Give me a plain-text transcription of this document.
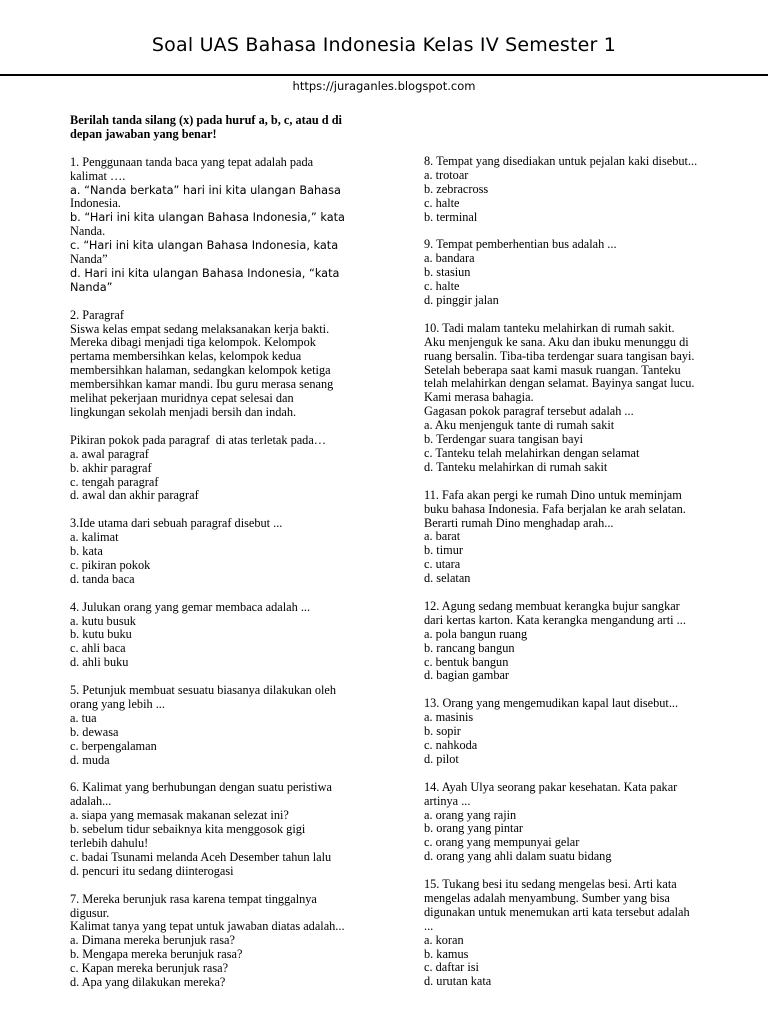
Soal UAS Bahasa Indonesia Kelas IV Semester 1
https://juraganles.blogspot.com
Berilah tanda silang (x) pada huruf a, b, c, atau d di
depan jawaban yang benar!
1. Penggunaan tanda baca yang tepat adalah pada
kalimat ….
a. “Nanda berkata” hari ini kita ulangan Bahasa
Indonesia.
b. “Hari ini kita ulangan Bahasa Indonesia,” kata
Nanda.
c. “Hari ini kita ulangan Bahasa Indonesia, kata
Nanda”
d. Hari ini kita ulangan Bahasa Indonesia, “kata
Nanda”
2. Paragraf
Siswa kelas empat sedang melaksanakan kerja bakti.
Mereka dibagi menjadi tiga kelompok. Kelompok
pertama membersihkan kelas, kelompok kedua
membersihkan halaman, sedangkan kelompok ketiga
membersihkan kamar mandi. Ibu guru merasa senang
melihat pekerjaan muridnya cepat selesai dan
lingkungan sekolah menjadi bersih dan indah.
Pikiran pokok pada paragraf  di atas terletak pada…
a. awal paragraf
b. akhir paragraf
c. tengah paragraf
d. awal dan akhir paragraf
3.Ide utama dari sebuah paragraf disebut ...
a. kalimat
b. kata
c. pikiran pokok
d. tanda baca
4. Julukan orang yang gemar membaca adalah ...
a. kutu busuk
b. kutu buku
c. ahli baca
d. ahli buku
5. Petunjuk membuat sesuatu biasanya dilakukan oleh
orang yang lebih ...
a. tua
b. dewasa
c. berpengalaman
d. muda
6. Kalimat yang berhubungan dengan suatu peristiwa
adalah...
a. siapa yang memasak makanan selezat ini?
b. sebelum tidur sebaiknya kita menggosok gigi
terlebih dahulu!
c. badai Tsunami melanda Aceh Desember tahun lalu
d. pencuri itu sedang diinterogasi
7. Mereka berunjuk rasa karena tempat tinggalnya
digusur.
Kalimat tanya yang tepat untuk jawaban diatas adalah...
a. Dimana mereka berunjuk rasa?
b. Mengapa mereka berunjuk rasa?
c. Kapan mereka berunjuk rasa?
d. Apa yang dilakukan mereka?
8. Tempat yang disediakan untuk pejalan kaki disebut...
a. trotoar
b. zebracross
c. halte
b. terminal
9. Tempat pemberhentian bus adalah ...
a. bandara
b. stasiun
c. halte
d. pinggir jalan
10. Tadi malam tanteku melahirkan di rumah sakit.
Aku menjenguk ke sana. Aku dan ibuku menunggu di
ruang bersalin. Tiba-tiba terdengar suara tangisan bayi.
Setelah beberapa saat kami masuk ruangan. Tanteku
telah melahirkan dengan selamat. Bayinya sangat lucu.
Kami merasa bahagia.
Gagasan pokok paragraf tersebut adalah ...
a. Aku menjenguk tante di rumah sakit
b. Terdengar suara tangisan bayi
c. Tanteku telah melahirkan dengan selamat
d. Tanteku melahirkan di rumah sakit
11. Fafa akan pergi ke rumah Dino untuk meminjam
buku bahasa Indonesia. Fafa berjalan ke arah selatan.
Berarti rumah Dino menghadap arah...
a. barat
b. timur
c. utara
d. selatan
12. Agung sedang membuat kerangka bujur sangkar
dari kertas karton. Kata kerangka mengandung arti ...
a. pola bangun ruang
b. rancang bangun
c. bentuk bangun
d. bagian gambar
13. Orang yang mengemudikan kapal laut disebut...
a. masinis
b. sopir
c. nahkoda
d. pilot
14. Ayah Ulya seorang pakar kesehatan. Kata pakar
artinya ...
a. orang yang rajin
b. orang yang pintar
c. orang yang mempunyai gelar
d. orang yang ahli dalam suatu bidang
15. Tukang besi itu sedang mengelas besi. Arti kata
mengelas adalah menyambung. Sumber yang bisa
digunakan untuk menemukan arti kata tersebut adalah
...
a. koran
b. kamus
c. daftar isi
d. urutan kata
